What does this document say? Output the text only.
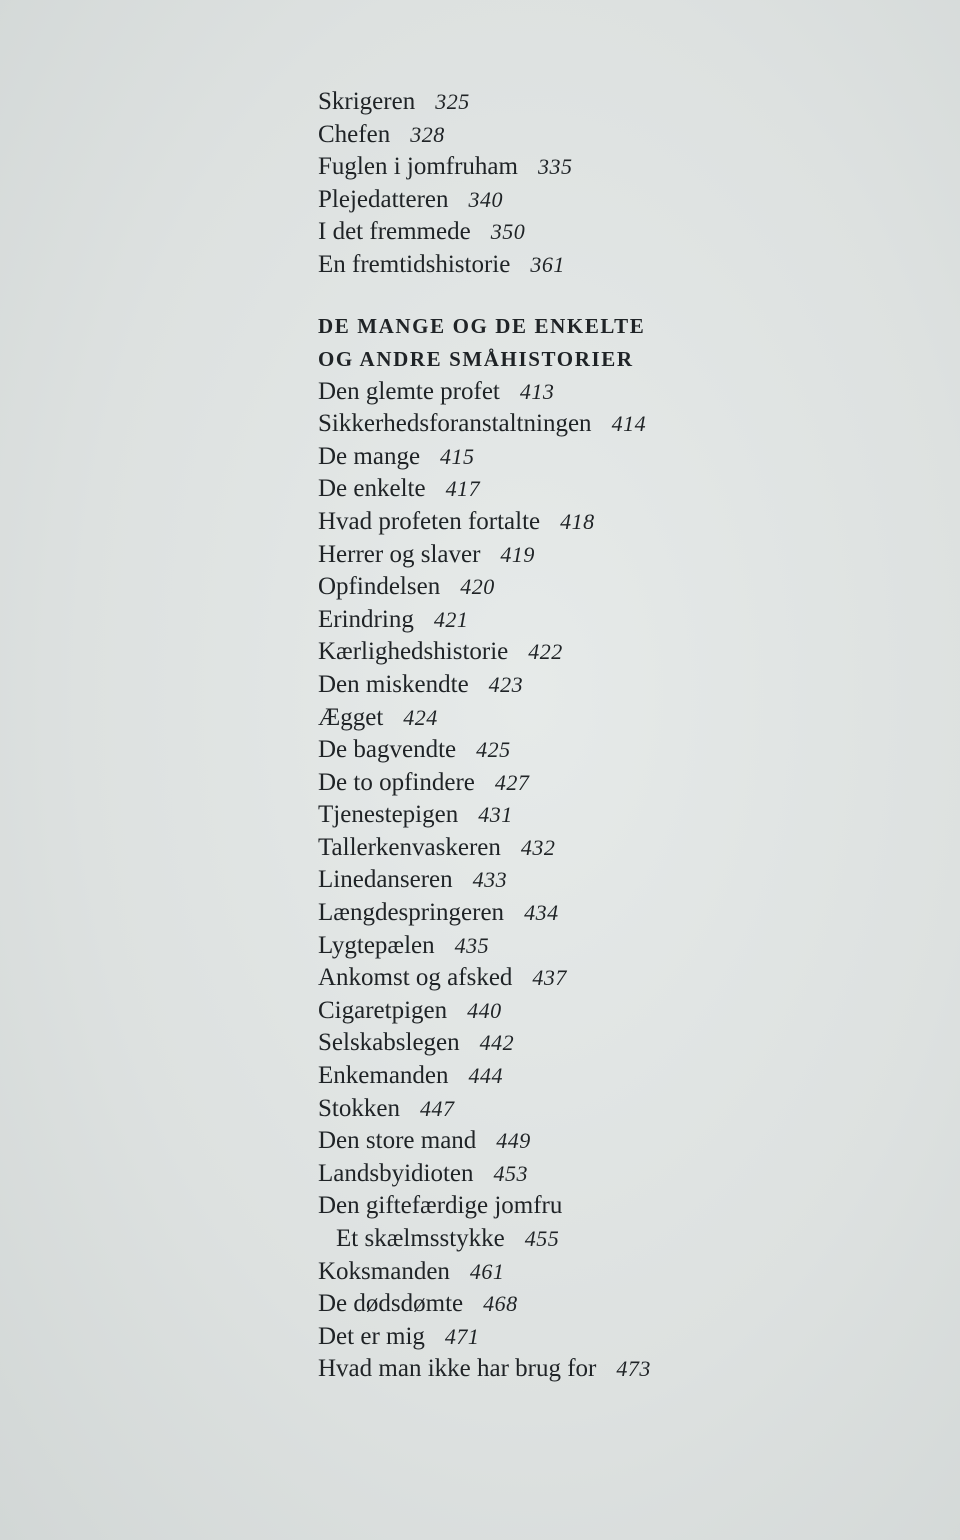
Skrigeren 325
Chefen 328
Fuglen i jomfruham 335
Plejedatteren 340
I det fremmede 350
En fremtidshistorie 361
DE MANGE OG DE ENKELTE
OG ANDRE SMÅHISTORIER
Den glemte profet 413
Sikkerhedsforanstaltningen 414
De mange 415
De enkelte 417
Hvad profeten fortalte 418
Herrer og slaver 419
Opfindelsen 420
Erindring 421
Kærlighedshistorie 422
Den miskendte 423
Ægget 424
De bagvendte 425
De to opfindere 427
Tjenestepigen 431
Tallerkenvaskeren 432
Linedanseren 433
Længdespringeren 434
Lygtepælen 435
Ankomst og afsked 437
Cigaretpigen 440
Selskabslegen 442
Enkemanden 444
Stokken 447
Den store mand 449
Landsbyidioten 453
Den giftefærdige jomfru
Et skælmsstykke 455
Koksmanden 461
De dødsdømte 468
Det er mig 471
Hvad man ikke har brug for 473
